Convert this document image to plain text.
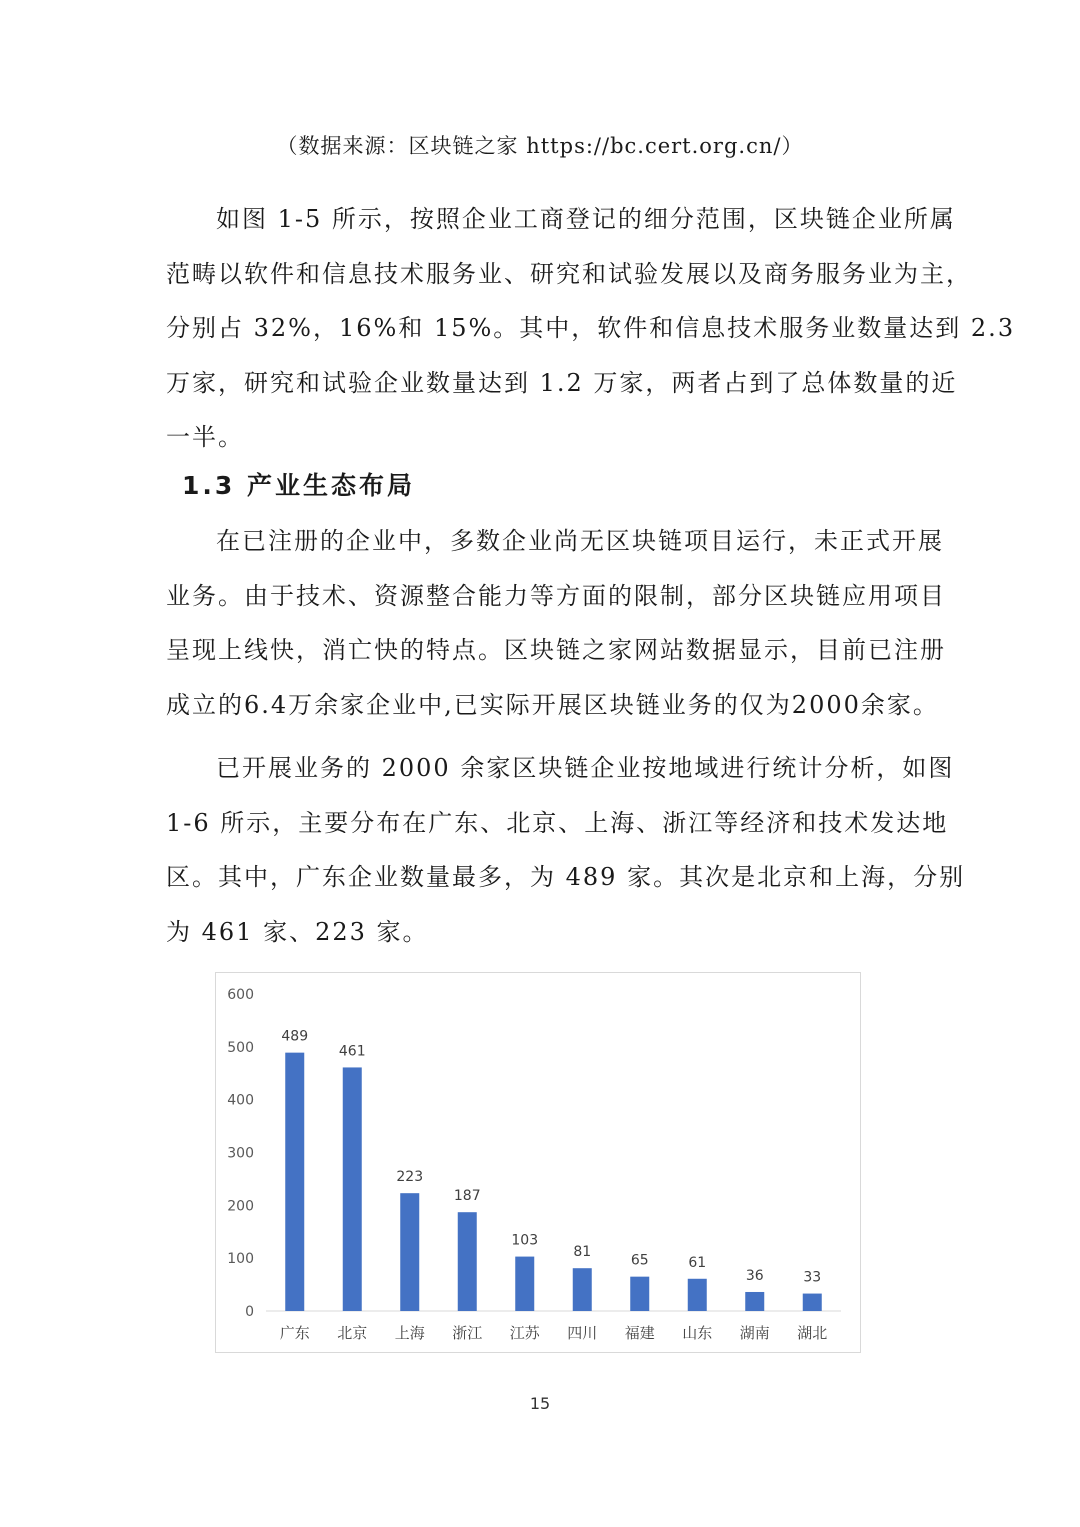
（数据来源：区块链之家 https://bc.cert.org.cn/）
如图 1-5 所示，按照企业工商登记的细分范围，区块链企业所属
范畴以软件和信息技术服务业、研究和试验发展以及商务服务业为主，
分别占 32%，16%和 15%。其中，软件和信息技术服务业数量达到 2.3
万家，研究和试验企业数量达到 1.2 万家，两者占到了总体数量的近
一半。
1.3 产业生态布局
在已注册的企业中，多数企业尚无区块链项目运行，未正式开展
业务。由于技术、资源整合能力等方面的限制，部分区块链应用项目
呈现上线快，消亡快的特点。区块链之家网站数据显示，目前已注册
成立的6.4万余家企业中,已实际开展区块链业务的仅为2000余家。
已开展业务的 2000 余家区块链企业按地域进行统计分析，如图
1-6 所示，主要分布在广东、北京、上海、浙江等经济和技术发达地
区。其中，广东企业数量最多，为 489 家。其次是北京和上海，分别
为 461 家、223 家。
0
100
200
300
400
500
600
489
广东
461
北京
223
上海
187
浙江
103
江苏
81
四川
65
福建
61
山东
36
湖南
33
湖北
15
